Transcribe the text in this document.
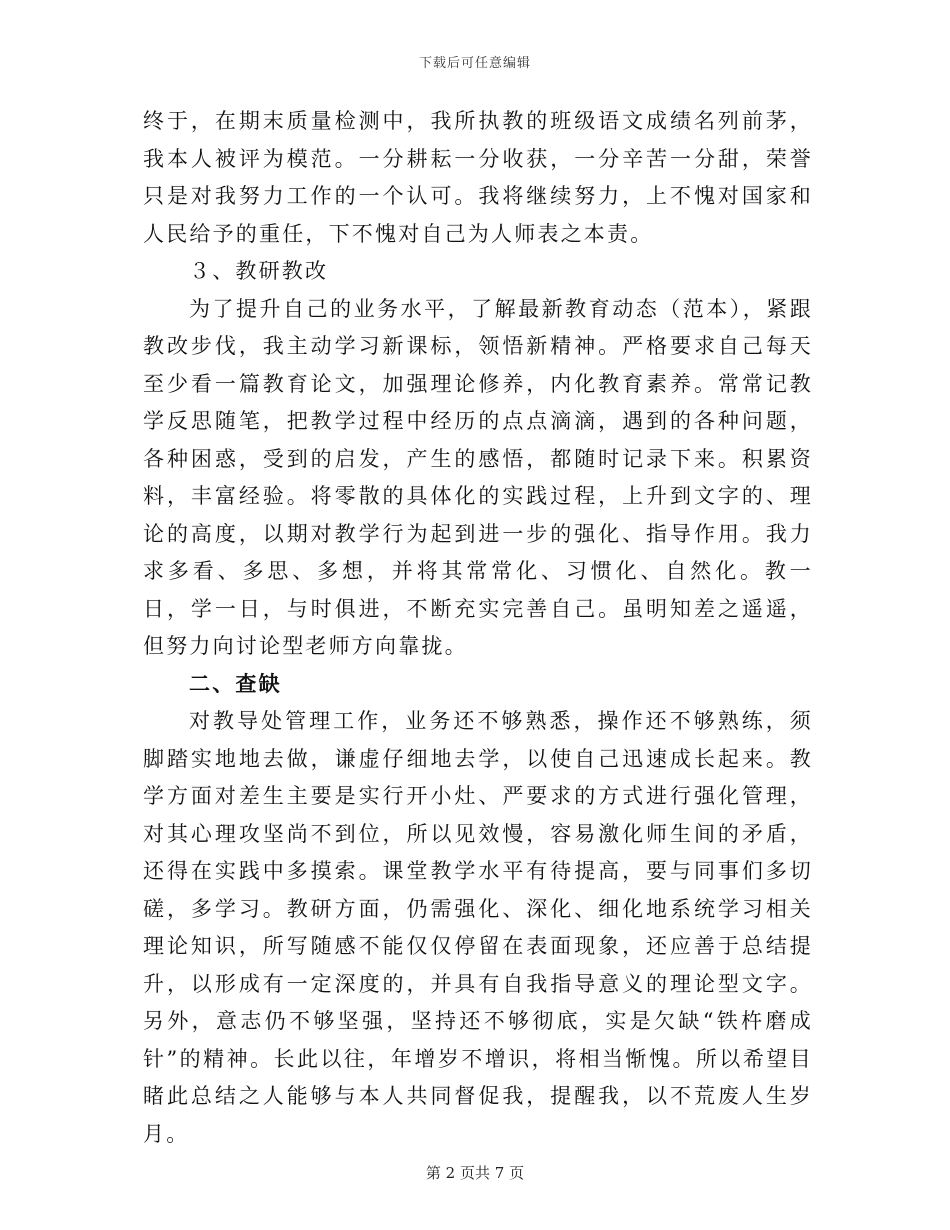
下载后可任意编辑

终于，在期末质量检测中，我所执教的班级语文成绩名列前茅，我本人被评为模范。一分耕耘一分收获，一分辛苦一分甜，荣誉只是对我努力工作的一个认可。我将继续努力，上不愧对国家和人民给予的重任，下不愧对自己为人师表之本责。

３、教研教改

为了提升自己的业务水平，了解最新教育动态（范本），紧跟教改步伐，我主动学习新课标，领悟新精神。严格要求自己每天至少看一篇教育论文，加强理论修养，内化教育素养。常常记教学反思随笔，把教学过程中经历的点点滴滴，遇到的各种问题，各种困惑，受到的启发，产生的感悟，都随时记录下来。积累资料，丰富经验。将零散的具体化的实践过程，上升到文字的、理论的高度，以期对教学行为起到进一步的强化、指导作用。我力求多看、多思、多想，并将其常常化、习惯化、自然化。教一日，学一日，与时俱进，不断充实完善自己。虽明知差之遥遥，但努力向讨论型老师方向靠拢。

二、查缺

对教导处管理工作，业务还不够熟悉，操作还不够熟练，须脚踏实地地去做，谦虚仔细地去学，以使自己迅速成长起来。教学方面对差生主要是实行开小灶、严要求的方式进行强化管理，对其心理攻坚尚不到位，所以见效慢，容易激化师生间的矛盾，还得在实践中多摸索。课堂教学水平有待提高，要与同事们多切磋，多学习。教研方面，仍需强化、深化、细化地系统学习相关理论知识，所写随感不能仅仅停留在表面现象，还应善于总结提升，以形成有一定深度的，并具有自我指导意义的理论型文字。另外，意志仍不够坚强，坚持还不够彻底，实是欠缺“铁杵磨成针”的精神。长此以往，年增岁不增识，将相当惭愧。所以希望目睹此总结之人能够与本人共同督促我，提醒我，以不荒废人生岁月。

第 2 页共 7 页
